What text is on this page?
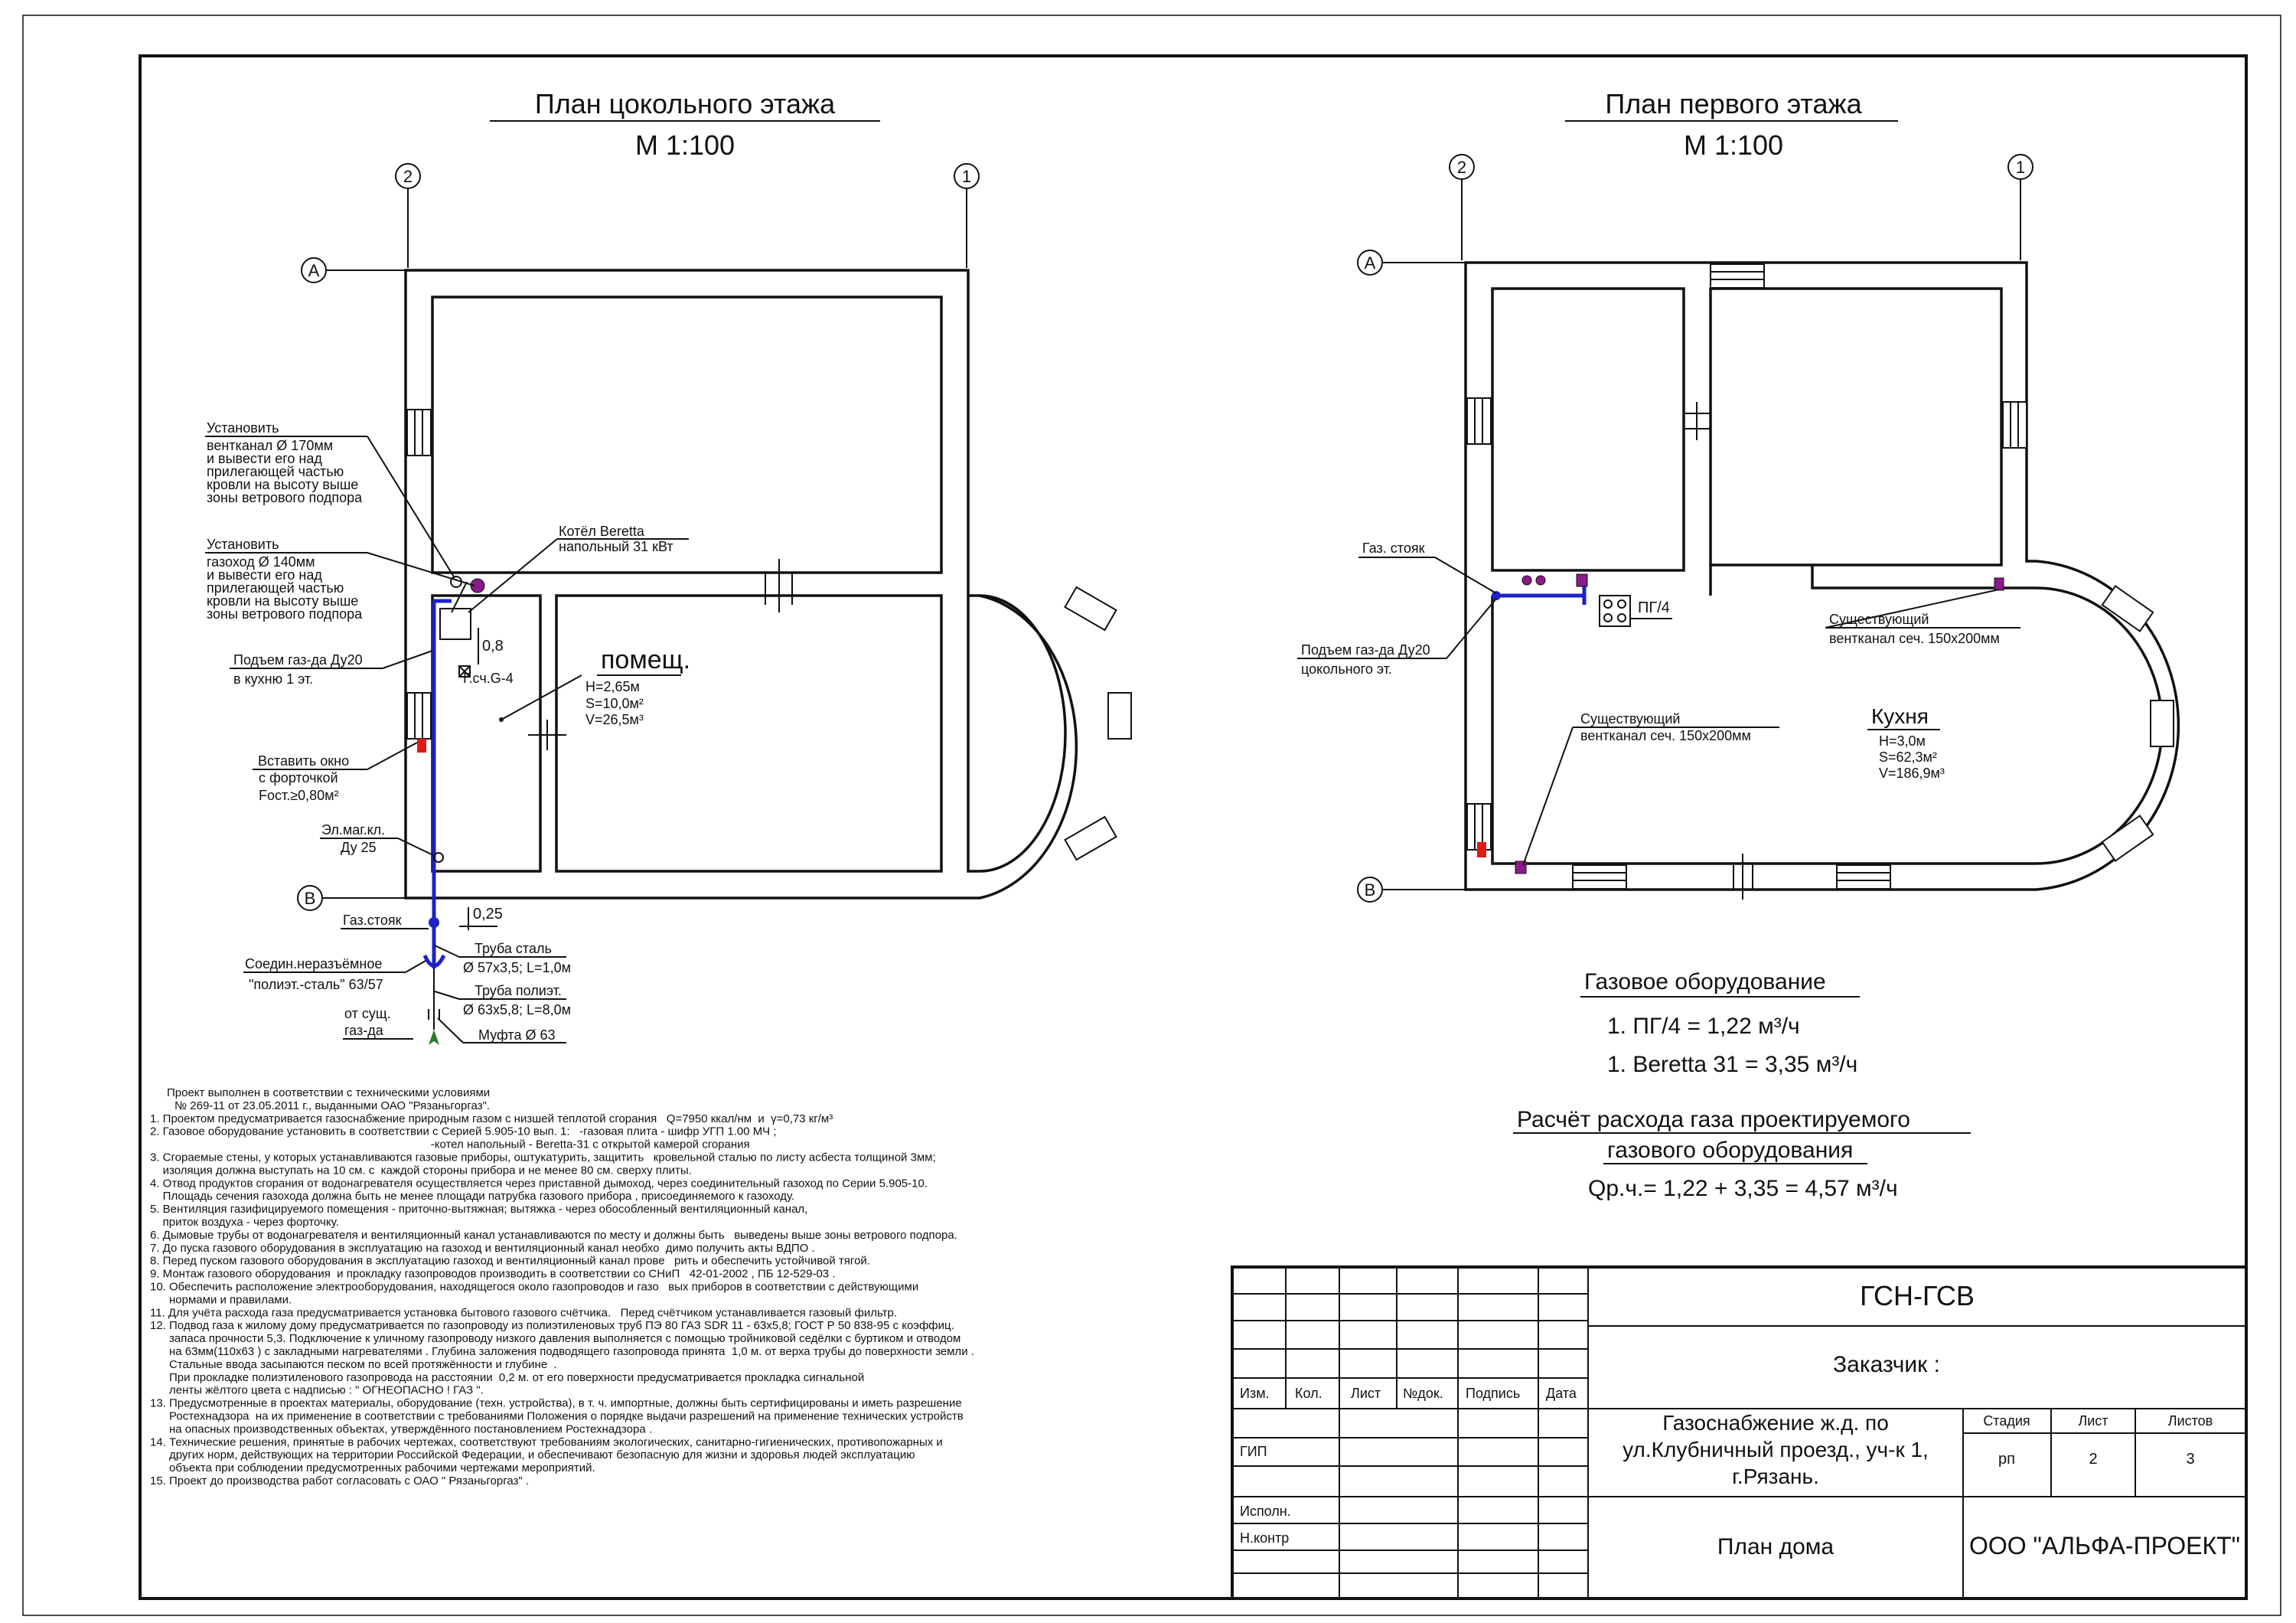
План цокольного этажа
М 1:100
2	1
А
В
0,8
0,25
помещ.
Н=2,65м
S=10,0м²
V=26,5м³
Установить
вентканал Ø 170мм
и вывести его над
прилегающей частью
кровли на высоту выше
зоны ветрового подпора
Установить
газоход Ø 140мм
и вывести его над
прилегающей частью
кровли на высоту выше
зоны ветрового подпора
Котёл Beretta
напольный 31 кВт
Подъем газ-да Ду20
в кухню 1 эт.	Г.сч.G-4
Вставить окно
с форточкой
Fост.≥0,80м²
Эл.маг.кл.
Ду 25
Газ.стояк
Труба сталь
Ø 57х3,5; L=1,0м
Соедин.неразъёмное
"полиэт.-сталь" 63/57	Труба полиэт.
Ø 63х5,8; L=8,0м
от сущ.
газ-да	Муфта Ø 63
План первого этажа
М 1:100
2	1
А
В
ПГ/4
Газ. стояк
Подъем газ-да Ду20
цокольного эт.
Существующий
вентканал сеч. 150х200мм
Существующий
вентканал сеч. 150х200мм
Кухня
Н=3,0м
S=62,3м²
V=186,9м³
Газовое оборудование
1. ПГ/4 = 1,22 м³/ч
1. Beretta 31 = 3,35 м³/ч
Расчёт расхода газа проектируемого
газового оборудования
Qр.ч.= 1,22 + 3,35 = 4,57 м³/ч
Проект выполнен в соответствии с техническими условиями
№ 269-11 от 23.05.2011 г., выданными ОАО "Рязаньгоргаз".
1. Проектом предусматривается газоснабжение природным газом с низшей теплотой сгорания   Q=7950 ккал/нм  и  γ=0,73 кг/м³
2. Газовое оборудование установить в соответствии с Серией 5.905-10 вып. 1:   -газовая плита - шифр УГП 1.00 МЧ ;
-котел напольный - Beretta-31 с открытой камерой сгорания
3. Сгораемые стены, у которых устанавливаются газовые приборы, оштукатурить, защитить   кровельной сталью по листу асбеста толщиной 3мм;
изоляция должна выступать на 10 см. с  каждой стороны прибора и не менее 80 см. сверху плиты.
4. Отвод продуктов сгорания от водонагревателя осуществляется через приставной дымоход, через соединительный газоход по Серии 5.905-10.
Площадь сечения газохода должна быть не менее площади патрубка газового прибора , присоединяемого к газоходу.
5. Вентиляция газифицируемого помещения - приточно-вытяжная; вытяжка - через обособленный вентиляционный канал,
приток воздуха - через форточку.
6. Дымовые трубы от водонагревателя и вентиляционный канал устанавливаются по месту и должны быть   выведены выше зоны ветрового подпора.
7. До пуска газового оборудования в эксплуатацию на газоход и вентиляционный канал необхо  димо получить акты ВДПО .
8. Перед пуском газового оборудования в эксплуатацию газоход и вентиляционный канал прове   рить и обеспечить устойчивой тягой.
9. Монтаж газового оборудования  и прокладку газопроводов производить в соответствии со СНиП   42-01-2002 , ПБ 12-529-03 .
10. Обеспечить расположение электрооборудования, находящегося около газопроводов и газо   вых приборов в соответствии с действующими
нормами и правилами.
11. Для учёта расхода газа предусматривается установка бытового газового счётчика.   Перед счётчиком устанавливается газовый фильтр.
12. Подвод газа к жилому дому предусматривается по газопроводу из полиэтиленовых труб ПЭ 80 ГАЗ SDR 11 - 63х5,8; ГОСТ Р 50 838-95 с коэффиц.
запаса прочности 5,3. Подключение к уличному газопроводу низкого давления выполняется с помощью тройниковой седёлки с буртиком и отводом
на 63мм(110х63 ) с закладными нагревателями . Глубина заложения подводящего газопровода принята  1,0 м. от верха трубы до поверхности земли .
Стальные ввода засыпаются песком по всей протяжённости и глубине  .
При прокладке полиэтиленового газопровода на расстоянии  0,2 м. от его поверхности предусматривается прокладка сигнальной
ленты жёлтого цвета с надписью : " ОГНЕОПАСНО ! ГАЗ ".
13. Предусмотренные в проектах материалы, оборудование (техн. устройства), в т. ч. импортные, должны быть сертифицированы и иметь разрешение
Ростехнадзора  на их применение в соответствии с требованиями Положения о порядке выдачи разрешений на применение технических устройств
на опасных производственных объектах, утверждённого постановлением Ростехнадзора .
14. Технические решения, принятые в рабочих чертежах, соответствуют требованиям экологических, санитарно-гигиенических, противопожарных и
других норм, действующих на территории Российской Федерации, и обеспечивают безопасную для жизни и здоровья людей эксплуатацию
объекта при соблюдении предусмотренных рабочими чертежами мероприятий.
15. Проект до производства работ согласовать с ОАО " Рязаньгоргаз" .
Изм. Кол. Лист №док. Подпись Дата
ГИП
Исполн.
Н.контр
ГСН-ГСВ
Заказчик :
Газоснабжение ж.д. по
ул.Клубничный проезд., уч-к 1,
г.Рязань.
Стадия	Лист	Листов
рп	2	3
План дома	ООО "АЛЬФА-ПРОЕКТ"
